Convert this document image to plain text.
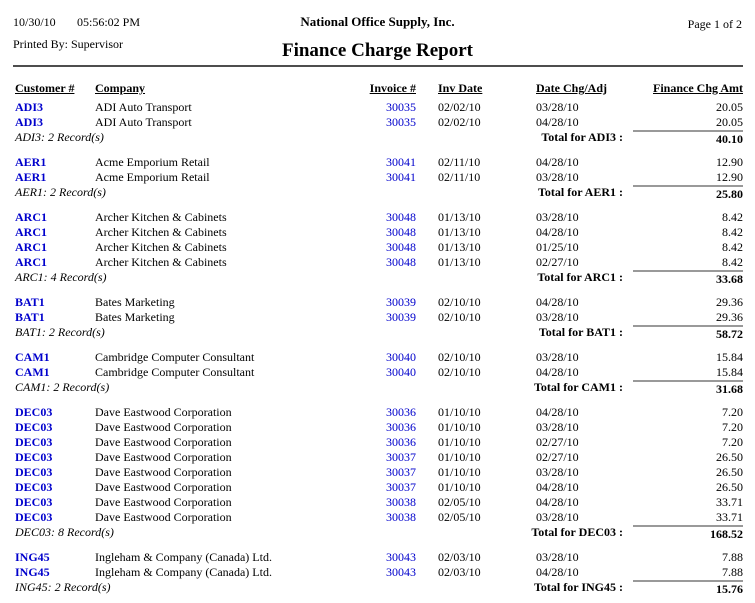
10/30/10 05:56:02 PM	National Office Supply, Inc.	Page 1 of 2
Printed By: Supervisor	Finance Charge Report
Customer #	Company	Invoice # Inv Date	Date Chg/Adj	Finance Chg Amt
ADI3	ADI Auto Transport	30035 02/02/10	03/28/10	20.05
ADI3	ADI Auto Transport	30035 02/02/10	04/28/10	20.05
ADI3: 2 Record(s)	Total for ADI3 :	40.10
AER1	Acme Emporium Retail	30041 02/11/10	04/28/10	12.90
AER1	Acme Emporium Retail	30041 02/11/10	03/28/10	12.90
AER1: 2 Record(s)	Total for AER1 :	25.80
ARC1	Archer Kitchen & Cabinets	30048 01/13/10	03/28/10	8.42
ARC1	Archer Kitchen & Cabinets	30048 01/13/10	04/28/10	8.42
ARC1	Archer Kitchen & Cabinets	30048 01/13/10	01/25/10	8.42
ARC1	Archer Kitchen & Cabinets	30048 01/13/10	02/27/10	8.42
ARC1: 4 Record(s)	Total for ARC1 :	33.68
BAT1	Bates Marketing	30039 02/10/10	04/28/10	29.36
BAT1	Bates Marketing	30039 02/10/10	03/28/10	29.36
BAT1: 2 Record(s)	Total for BAT1 :	58.72
CAM1	Cambridge Computer Consultant	30040 02/10/10	03/28/10	15.84
CAM1	Cambridge Computer Consultant	30040 02/10/10	04/28/10	15.84
CAM1: 2 Record(s)	Total for CAM1 :	31.68
DEC03	Dave Eastwood Corporation	30036 01/10/10	04/28/10	7.20
DEC03	Dave Eastwood Corporation	30036 01/10/10	03/28/10	7.20
DEC03	Dave Eastwood Corporation	30036 01/10/10	02/27/10	7.20
DEC03	Dave Eastwood Corporation	30037 01/10/10	02/27/10	26.50
DEC03	Dave Eastwood Corporation	30037 01/10/10	03/28/10	26.50
DEC03	Dave Eastwood Corporation	30037 01/10/10	04/28/10	26.50
DEC03	Dave Eastwood Corporation	30038 02/05/10	04/28/10	33.71
DEC03	Dave Eastwood Corporation	30038 02/05/10	03/28/10	33.71
DEC03: 8 Record(s)	Total for DEC03 :	168.52
ING45	Ingleham & Company (Canada) Ltd.	30043 02/03/10	03/28/10	7.88
ING45	Ingleham & Company (Canada) Ltd.	30043 02/03/10	04/28/10	7.88
ING45: 2 Record(s)	Total for ING45 :	15.76
